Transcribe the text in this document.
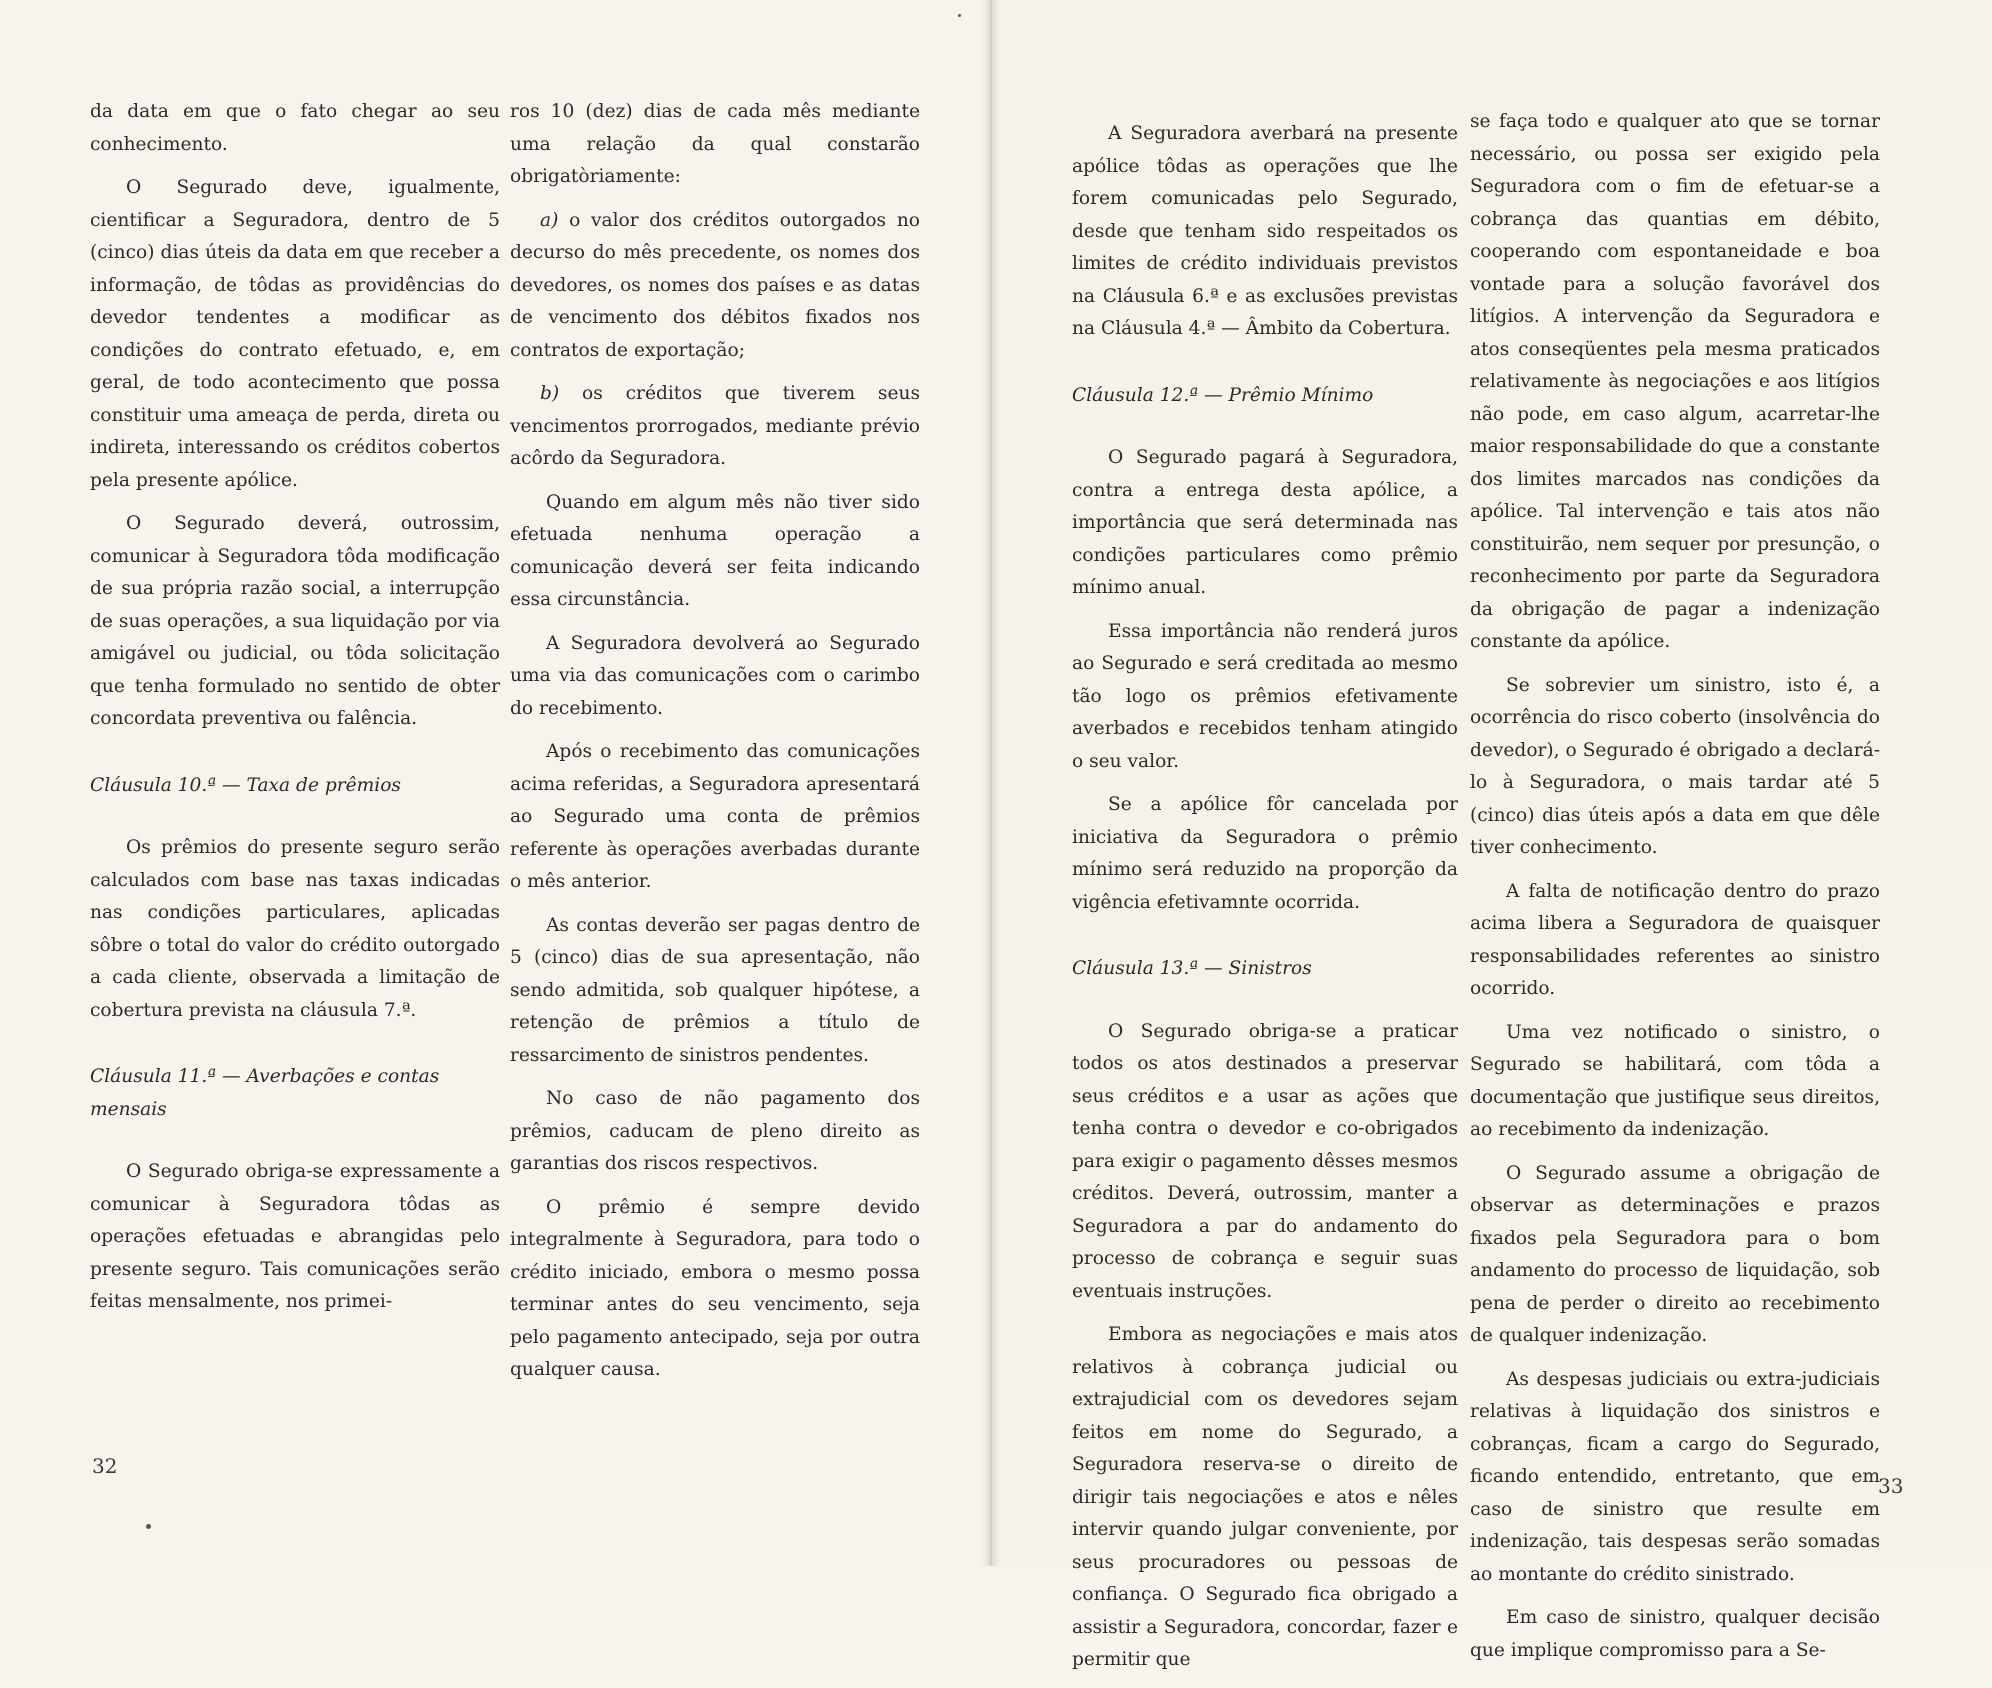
da data em que o fato chegar ao seu conhecimento.

O Segurado deve, igualmente, cientificar a Seguradora, dentro de 5 (cinco) dias úteis da data em que receber a informação, de tôdas as providências do devedor tendentes a modificar as condições do contrato efetuado, e, em geral, de todo acontecimento que possa constituir uma ameaça de perda, direta ou indireta, interessando os créditos cobertos pela presente apólice.

O Segurado deverá, outrossim, comunicar à Seguradora tôda modificação de sua própria razão social, a interrupção de suas operações, a sua liquidação por via amigável ou judicial, ou tôda solicitação que tenha formulado no sentido de obter concordata preventiva ou falência.

Cláusula 10.ª — Taxa de prêmios

Os prêmios do presente seguro serão calculados com base nas taxas indicadas nas condições particulares, aplicadas sôbre o total do valor do crédito outorgado a cada cliente, observada a limitação de cobertura prevista na cláusula 7.ª.

Cláusula 11.ª — Averbações e contas mensais

O Segurado obriga-se expressamente a comunicar à Seguradora tôdas as operações efetuadas e abrangidas pelo presente seguro. Tais comunicações serão feitas mensalmente, nos primei-

ros 10 (dez) dias de cada mês mediante uma relação da qual constarão obrigatòriamente:

a) o valor dos créditos outorgados no decurso do mês precedente, os nomes dos devedores, os nomes dos países e as datas de vencimento dos débitos fixados nos contratos de exportação;

b) os créditos que tiverem seus vencimentos prorrogados, mediante prévio acôrdo da Seguradora.

Quando em algum mês não tiver sido efetuada nenhuma operação a comunicação deverá ser feita indicando essa circunstância.

A Seguradora devolverá ao Segurado uma via das comunicações com o carimbo do recebimento.

Após o recebimento das comunicações acima referidas, a Seguradora apresentará ao Segurado uma conta de prêmios referente às operações averbadas durante o mês anterior.

As contas deverão ser pagas dentro de 5 (cinco) dias de sua apresentação, não sendo admitida, sob qualquer hipótese, a retenção de prêmios a título de ressarcimento de sinistros pendentes.

No caso de não pagamento dos prêmios, caducam de pleno direito as garantias dos riscos respectivos.

O prêmio é sempre devido integralmente à Seguradora, para todo o crédito iniciado, embora o mesmo possa terminar antes do seu vencimento, seja pelo pagamento antecipado, seja por outra qualquer causa.

32

A Seguradora averbará na presente apólice tôdas as operações que lhe forem comunicadas pelo Segurado, desde que tenham sido respeitados os limites de crédito individuais previstos na Cláusula 6.ª e as exclusões previstas na Cláusula 4.ª — Âmbito da Cobertura.

Cláusula 12.ª — Prêmio Mínimo

O Segurado pagará à Seguradora, contra a entrega desta apólice, a importância que será determinada nas condições particulares como prêmio mínimo anual.

Essa importância não renderá juros ao Segurado e será creditada ao mesmo tão logo os prêmios efetivamente averbados e recebidos tenham atingido o seu valor.

Se a apólice fôr cancelada por iniciativa da Seguradora o prêmio mínimo será reduzido na proporção da vigência efetivamnte ocorrida.

Cláusula 13.ª — Sinistros

O Segurado obriga-se a praticar todos os atos destinados a preservar seus créditos e a usar as ações que tenha contra o devedor e co-obrigados para exigir o pagamento dêsses mesmos créditos. Deverá, outrossim, manter a Seguradora a par do andamento do processo de cobrança e seguir suas eventuais instruções.

Embora as negociações e mais atos relativos à cobrança judicial ou extrajudicial com os devedores sejam feitos em nome do Segurado, a Seguradora reserva-se o direito de dirigir tais negociações e atos e nêles intervir quando julgar conveniente, por seus procuradores ou pessoas de confiança. O Segurado fica obrigado a assistir a Seguradora, concordar, fazer e permitir que

se faça todo e qualquer ato que se tornar necessário, ou possa ser exigido pela Seguradora com o fim de efetuar-se a cobrança das quantias em débito, cooperando com espontaneidade e boa vontade para a solução favorável dos litígios. A intervenção da Seguradora e atos conseqüentes pela mesma praticados relativamente às negociações e aos litígios não pode, em caso algum, acarretar-lhe maior responsabilidade do que a constante dos limites marcados nas condições da apólice. Tal intervenção e tais atos não constituirão, nem sequer por presunção, o reconhecimento por parte da Seguradora da obrigação de pagar a indenização constante da apólice.

Se sobrevier um sinistro, isto é, a ocorrência do risco coberto (insolvência do devedor), o Segurado é obrigado a declará-lo à Seguradora, o mais tardar até 5 (cinco) dias úteis após a data em que dêle tiver conhecimento.

A falta de notificação dentro do prazo acima libera a Seguradora de quaisquer responsabilidades referentes ao sinistro ocorrido.

Uma vez notificado o sinistro, o Segurado se habilitará, com tôda a documentação que justifique seus direitos, ao recebimento da indenização.

O Segurado assume a obrigação de observar as determinações e prazos fixados pela Seguradora para o bom andamento do processo de liquidação, sob pena de perder o direito ao recebimento de qualquer indenização.

As despesas judiciais ou extra-judiciais relativas à liquidação dos sinistros e cobranças, ficam a cargo do Segurado, ficando entendido, entretanto, que em caso de sinistro que resulte em indenização, tais despesas serão somadas ao montante do crédito sinistrado.

Em caso de sinistro, qualquer decisão que implique compromisso para a Se-

33
